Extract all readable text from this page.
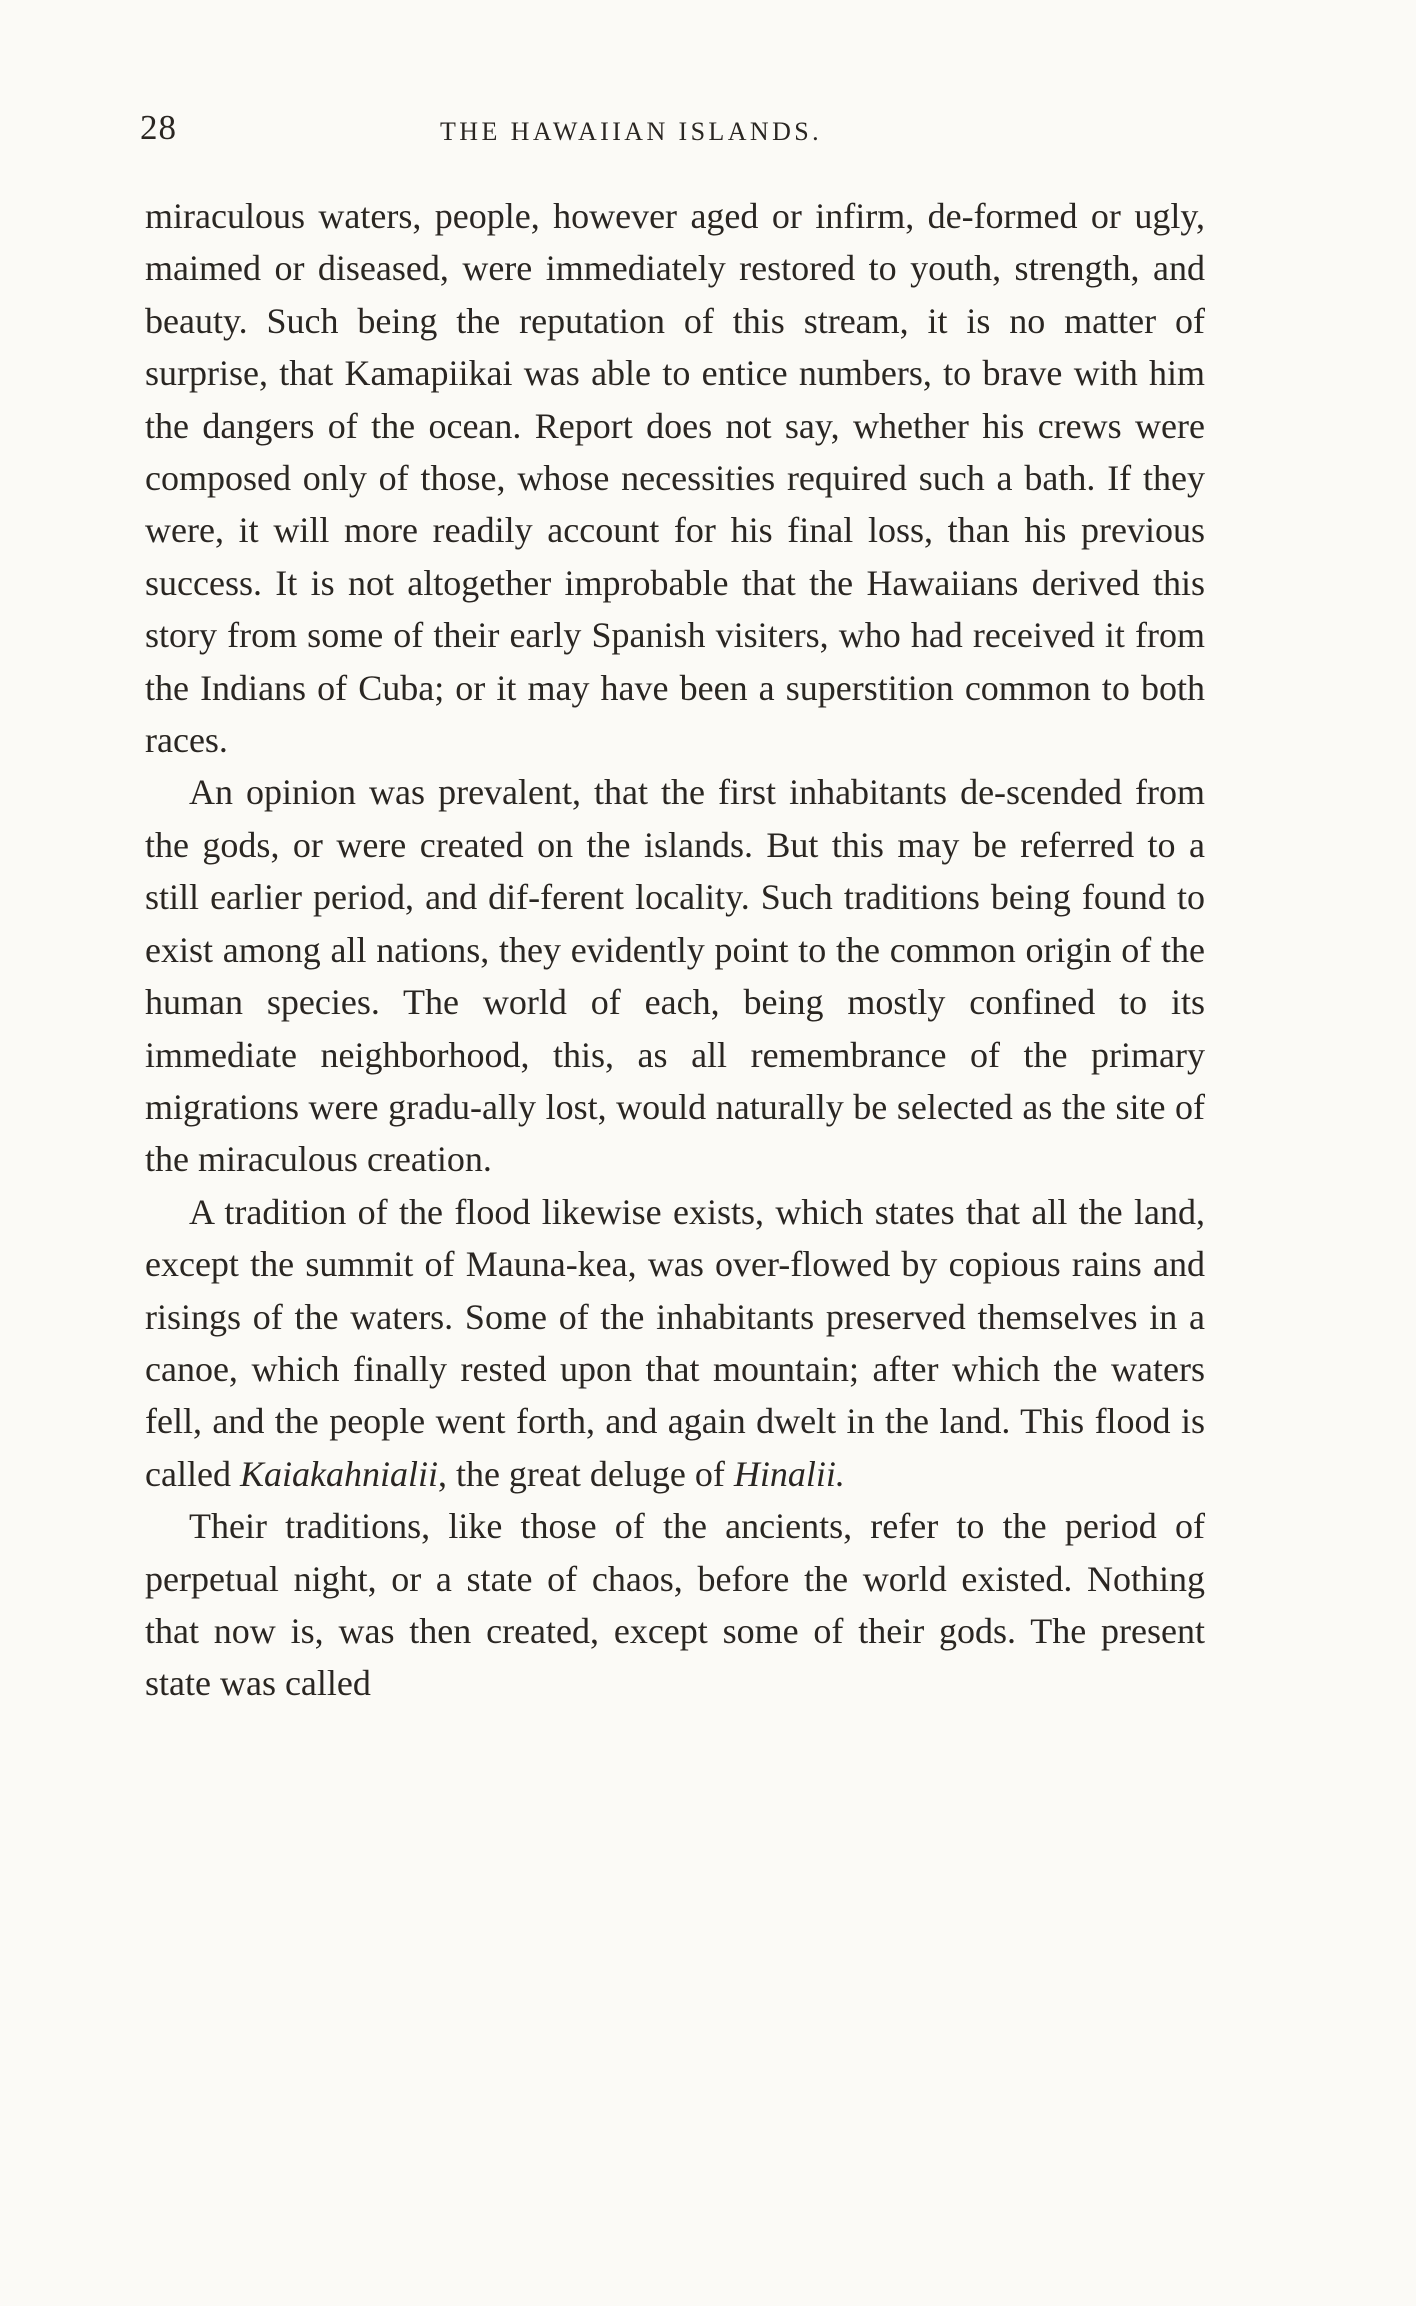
28	THE HAWAIIAN ISLANDS.

miraculous waters, people, however aged or infirm, de-formed or ugly, maimed or diseased, were immediately restored to youth, strength, and beauty. Such being the reputation of this stream, it is no matter of surprise, that Kamapiikai was able to entice numbers, to brave with him the dangers of the ocean. Report does not say, whether his crews were composed only of those, whose necessities required such a bath. If they were, it will more readily account for his final loss, than his previous success. It is not altogether improbable that the Hawaiians derived this story from some of their early Spanish visiters, who had received it from the Indians of Cuba; or it may have been a superstition common to both races.

An opinion was prevalent, that the first inhabitants de-scended from the gods, or were created on the islands. But this may be referred to a still earlier period, and dif-ferent locality. Such traditions being found to exist among all nations, they evidently point to the common origin of the human species. The world of each, being mostly confined to its immediate neighborhood, this, as all remembrance of the primary migrations were gradu-ally lost, would naturally be selected as the site of the miraculous creation.

A tradition of the flood likewise exists, which states that all the land, except the summit of Mauna-kea, was over-flowed by copious rains and risings of the waters. Some of the inhabitants preserved themselves in a canoe, which finally rested upon that mountain; after which the waters fell, and the people went forth, and again dwelt in the land. This flood is called Kaiakahnialii, the great deluge of Hinalii.

Their traditions, like those of the ancients, refer to the period of perpetual night, or a state of chaos, before the world existed. Nothing that now is, was then created, except some of their gods. The present state was called
